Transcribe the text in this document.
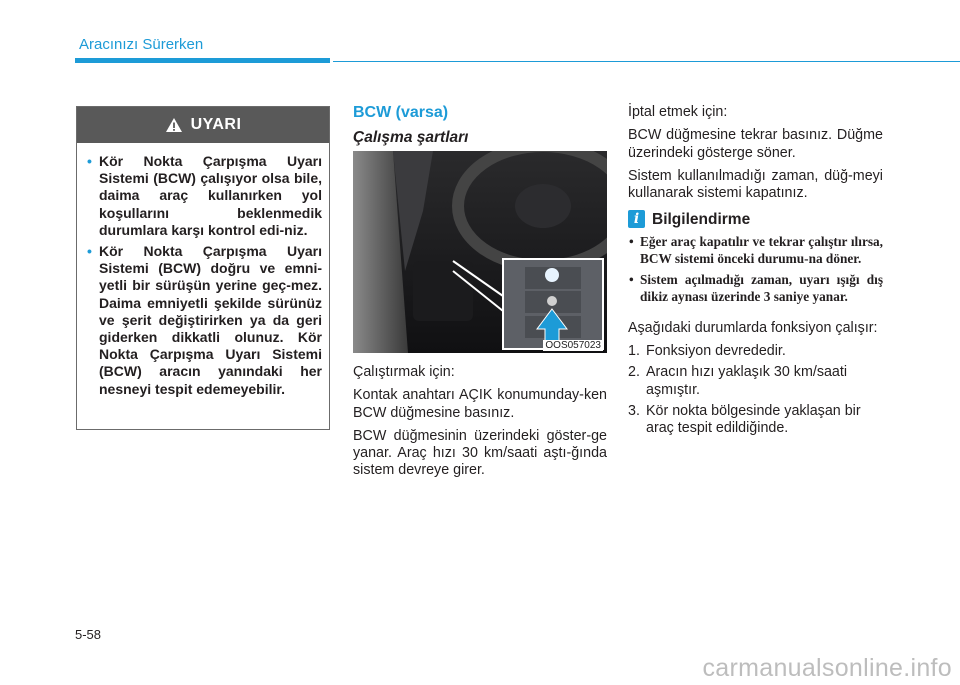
Aracınızı Sürerken
UYARI
• Kör Nokta Çarpışma Uyarı Sistemi (BCW) çalışıyor olsa bile, daima araç kullanırken yol koşullarını beklenmedik durumlara karşı kontrol edi-niz.
• Kör Nokta Çarpışma Uyarı Sistemi (BCW) doğru ve emni-yetli bir sürüşün yerine geç-mez. Daima emniyetli şekilde sürünüz ve şerit değiştirirken ya da geri giderken dikkatli olunuz. Kör Nokta Çarpışma Uyarı Sistemi (BCW) aracın yanındaki her nesneyi tespit edemeyebilir.
BCW (varsa)
Çalışma şartları
OOS057023

Çalıştırmak için:

Kontak anahtarı AÇIK konumunday-ken BCW düğmesine basınız.

BCW düğmesinin üzerindeki göster-ge yanar. Araç hızı 30 km/saati aştı-ğında sistem devreye girer.

İptal etmek için:

BCW düğmesine tekrar basınız. Düğme üzerindeki gösterge söner.

Sistem kullanılmadığı zaman, düğ-meyi kullanarak sistemi kapatınız.

i Bilgilendirme
• Eğer araç kapatılır ve tekrar çalıştır ılırsa, BCW sistemi önceki durumu-na döner.
• Sistem açılmadığı zaman, uyarı ışığı dış dikiz aynası üzerinde 3 saniye yanar.

Aşağıdaki durumlarda fonksiyon çalışır:

1. Fonksiyon devrededir.
2. Aracın hızı yaklaşık 30 km/saati aşmıştır.
3. Kör nokta bölgesinde yaklaşan bir araç tespit edildiğinde.
5-58
carmanualsonline.info
